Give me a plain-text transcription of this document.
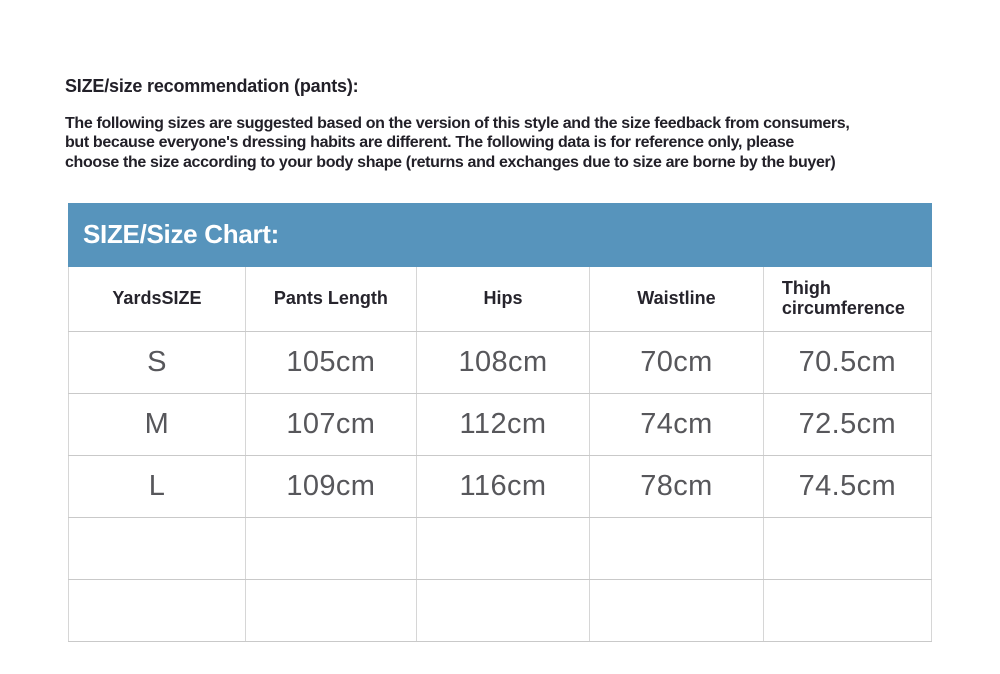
SIZE/size recommendation (pants):
The following sizes are suggested based on the version of this style and the size feedback from consumers,
but because everyone's dressing habits are different. The following data is for reference only, please
choose the size according to your body shape (returns and exchanges due to size are borne by the buyer)
SIZE/Size Chart:
YardsSIZE	Pants Length	Hips	Waistline	Thigh circumference
S	105cm	108cm	70cm	70.5cm
M	107cm	112cm	74cm	72.5cm
L	109cm	116cm	78cm	74.5cm
